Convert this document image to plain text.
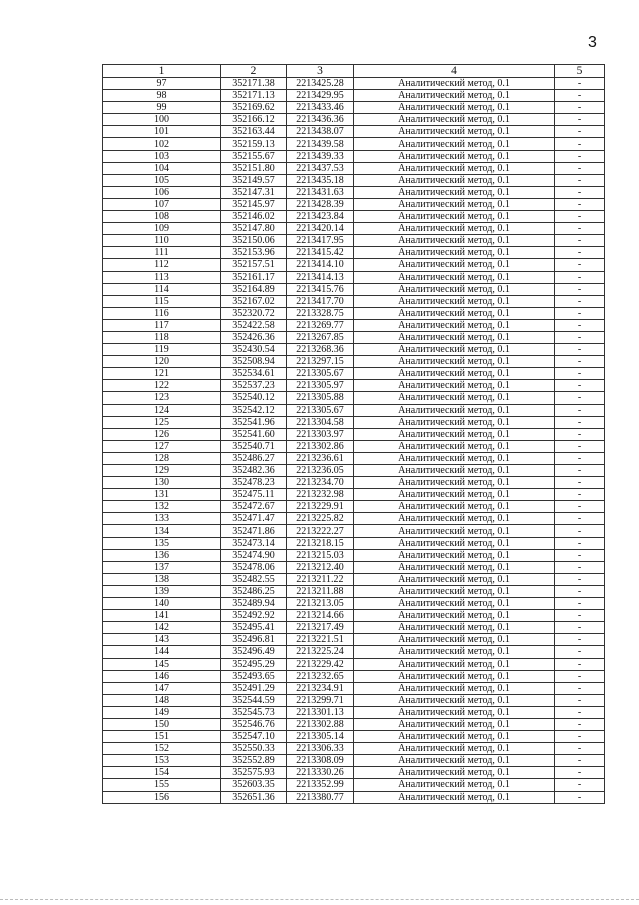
3
1	2	3	4	5
97	352171.38	2213425.28	Аналитический метод, 0.1	-
98	352171.13	2213429.95	Аналитический метод, 0.1	-
99	352169.62	2213433.46	Аналитический метод, 0.1	-
100	352166.12	2213436.36	Аналитический метод, 0.1	-
101	352163.44	2213438.07	Аналитический метод, 0.1	-
102	352159.13	2213439.58	Аналитический метод, 0.1	-
103	352155.67	2213439.33	Аналитический метод, 0.1	-
104	352151.80	2213437.53	Аналитический метод, 0.1	-
105	352149.57	2213435.18	Аналитический метод, 0.1	-
106	352147.31	2213431.63	Аналитический метод, 0.1	-
107	352145.97	2213428.39	Аналитический метод, 0.1	-
108	352146.02	2213423.84	Аналитический метод, 0.1	-
109	352147.80	2213420.14	Аналитический метод, 0.1	-
110	352150.06	2213417.95	Аналитический метод, 0.1	-
111	352153.96	2213415.42	Аналитический метод, 0.1	-
112	352157.51	2213414.10	Аналитический метод, 0.1	-
113	352161.17	2213414.13	Аналитический метод, 0.1	-
114	352164.89	2213415.76	Аналитический метод, 0.1	-
115	352167.02	2213417.70	Аналитический метод, 0.1	-
116	352320.72	2213328.75	Аналитический метод, 0.1	-
117	352422.58	2213269.77	Аналитический метод, 0.1	-
118	352426.36	2213267.85	Аналитический метод, 0.1	-
119	352430.54	2213268.36	Аналитический метод, 0.1	-
120	352508.94	2213297.15	Аналитический метод, 0.1	-
121	352534.61	2213305.67	Аналитический метод, 0.1	-
122	352537.23	2213305.97	Аналитический метод, 0.1	-
123	352540.12	2213305.88	Аналитический метод, 0.1	-
124	352542.12	2213305.67	Аналитический метод, 0.1	-
125	352541.96	2213304.58	Аналитический метод, 0.1	-
126	352541.60	2213303.97	Аналитический метод, 0.1	-
127	352540.71	2213302.86	Аналитический метод, 0.1	-
128	352486.27	2213236.61	Аналитический метод, 0.1	-
129	352482.36	2213236.05	Аналитический метод, 0.1	-
130	352478.23	2213234.70	Аналитический метод, 0.1	-
131	352475.11	2213232.98	Аналитический метод, 0.1	-
132	352472.67	2213229.91	Аналитический метод, 0.1	-
133	352471.47	2213225.82	Аналитический метод, 0.1	-
134	352471.86	2213222.27	Аналитический метод, 0.1	-
135	352473.14	2213218.15	Аналитический метод, 0.1	-
136	352474.90	2213215.03	Аналитический метод, 0.1	-
137	352478.06	2213212.40	Аналитический метод, 0.1	-
138	352482.55	2213211.22	Аналитический метод, 0.1	-
139	352486.25	2213211.88	Аналитический метод, 0.1	-
140	352489.94	2213213.05	Аналитический метод, 0.1	-
141	352492.92	2213214.66	Аналитический метод, 0.1	-
142	352495.41	2213217.49	Аналитический метод, 0.1	-
143	352496.81	2213221.51	Аналитический метод, 0.1	-
144	352496.49	2213225.24	Аналитический метод, 0.1	-
145	352495.29	2213229.42	Аналитический метод, 0.1	-
146	352493.65	2213232.65	Аналитический метод, 0.1	-
147	352491.29	2213234.91	Аналитический метод, 0.1	-
148	352544.59	2213299.71	Аналитический метод, 0.1	-
149	352545.73	2213301.13	Аналитический метод, 0.1	-
150	352546.76	2213302.88	Аналитический метод, 0.1	-
151	352547.10	2213305.14	Аналитический метод, 0.1	-
152	352550.33	2213306.33	Аналитический метод, 0.1	-
153	352552.89	2213308.09	Аналитический метод, 0.1	-
154	352575.93	2213330.26	Аналитический метод, 0.1	-
155	352603.35	2213352.99	Аналитический метод, 0.1	-
156	352651.36	2213380.77	Аналитический метод, 0.1	-
